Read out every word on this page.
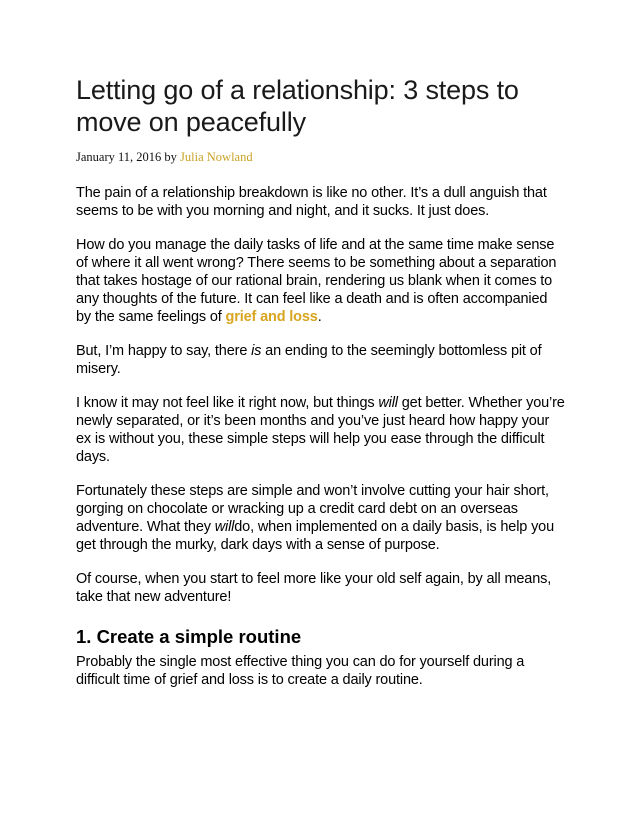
Letting go of a relationship: 3 steps to move on peacefully
January 11, 2016 by Julia Nowland

The pain of a relationship breakdown is like no other. It’s a dull anguish that seems to be with you morning and night, and it sucks. It just does.

How do you manage the daily tasks of life and at the same time make sense of where it all went wrong? There seems to be something about a separation that takes hostage of our rational brain, rendering us blank when it comes to any thoughts of the future. It can feel like a death and is often accompanied by the same feelings of grief and loss.

But, I’m happy to say, there is an ending to the seemingly bottomless pit of misery.

I know it may not feel like it right now, but things will get better. Whether you’re newly separated, or it’s been months and you’ve just heard how happy your ex is without you, these simple steps will help you ease through the difficult days.

Fortunately these steps are simple and won’t involve cutting your hair short, gorging on chocolate or wracking up a credit card debt on an overseas adventure. What they willdo, when implemented on a daily basis, is help you get through the murky, dark days with a sense of purpose.

Of course, when you start to feel more like your old self again, by all means, take that new adventure!

1. Create a simple routine

Probably the single most effective thing you can do for yourself during a difficult time of grief and loss is to create a daily routine.
